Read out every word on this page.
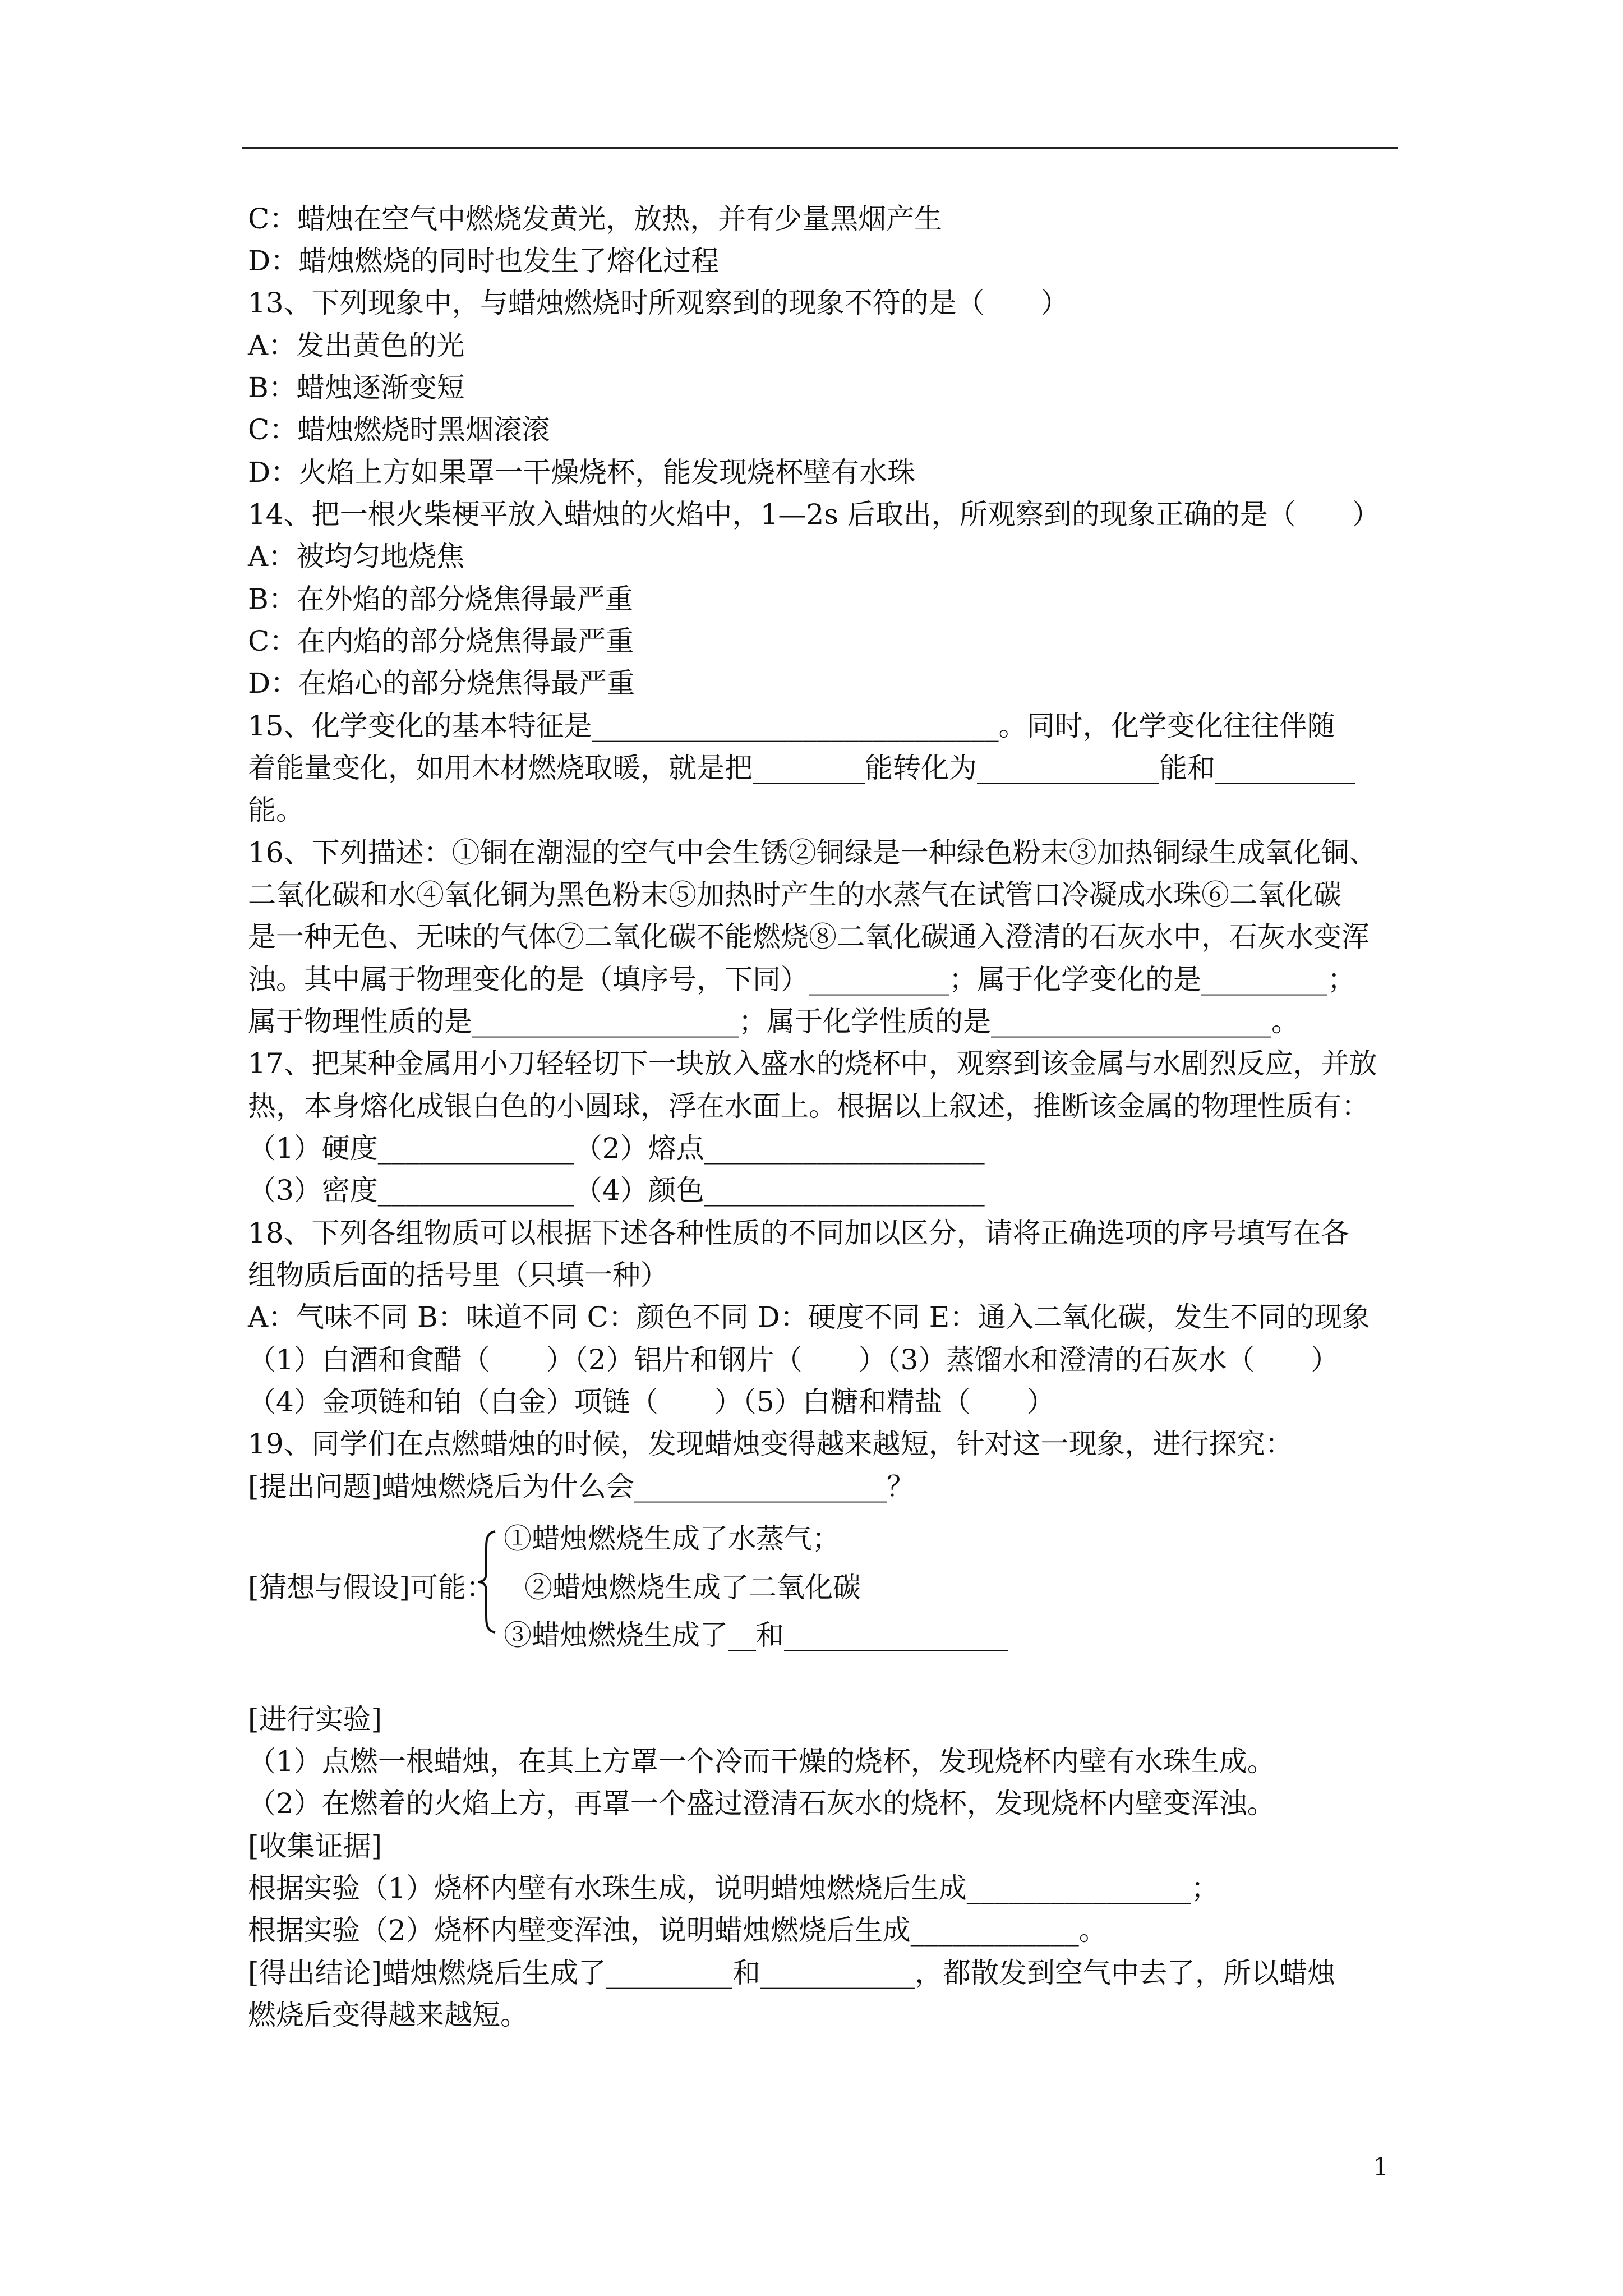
C：蜡烛在空气中燃烧发黄光，放热，并有少量黑烟产生
D：蜡烛燃烧的同时也发生了熔化过程
13、下列现象中，与蜡烛燃烧时所观察到的现象不符的是（　　）
A：发出黄色的光
B：蜡烛逐渐变短
C：蜡烛燃烧时黑烟滚滚
D：火焰上方如果罩一干燥烧杯，能发现烧杯壁有水珠
14、把一根火柴梗平放入蜡烛的火焰中，1—2s 后取出，所观察到的现象正确的是（　　）
A：被均匀地烧焦
B：在外焰的部分烧焦得最严重
C：在内焰的部分烧焦得最严重
D：在焰心的部分烧焦得最严重
15、化学变化的基本特征是_____________________________。同时，化学变化往往伴随
着能量变化，如用木材燃烧取暖，就是把________能转化为_____________能和__________
能。
16、下列描述：①铜在潮湿的空气中会生锈②铜绿是一种绿色粉末③加热铜绿生成氧化铜、
二氧化碳和水④氧化铜为黑色粉末⑤加热时产生的水蒸气在试管口冷凝成水珠⑥二氧化碳
是一种无色、无味的气体⑦二氧化碳不能燃烧⑧二氧化碳通入澄清的石灰水中，石灰水变浑
浊。其中属于物理变化的是（填序号，下同）__________；属于化学变化的是_________；
属于物理性质的是___________________；属于化学性质的是____________________。
17、把某种金属用小刀轻轻切下一块放入盛水的烧杯中，观察到该金属与水剧烈反应，并放
热，本身熔化成银白色的小圆球，浮在水面上。根据以上叙述，推断该金属的物理性质有：
（1）硬度______________（2）熔点____________________
（3）密度______________（4）颜色____________________
18、下列各组物质可以根据下述各种性质的不同加以区分，请将正确选项的序号填写在各
组物质后面的括号里（只填一种）
A：气味不同 B：味道不同 C：颜色不同 D：硬度不同 E：通入二氧化碳，发生不同的现象
（1）白酒和食醋（　　）（2）铝片和钢片（　　）（3）蒸馏水和澄清的石灰水（　　）
（4）金项链和铂（白金）项链（　　）（5）白糖和精盐（　　）
19、同学们在点燃蜡烛的时候，发现蜡烛变得越来越短，针对这一现象，进行探究：
[提出问题]蜡烛燃烧后为什么会__________________？
[猜想与假设]可能：
①蜡烛燃烧生成了水蒸气；
②蜡烛燃烧生成了二氧化碳
③蜡烛燃烧生成了__和________________
[进行实验]
（1）点燃一根蜡烛，在其上方罩一个冷而干燥的烧杯，发现烧杯内壁有水珠生成。
（2）在燃着的火焰上方，再罩一个盛过澄清石灰水的烧杯，发现烧杯内壁变浑浊。
[收集证据]
根据实验（1）烧杯内壁有水珠生成，说明蜡烛燃烧后生成________________；
根据实验（2）烧杯内壁变浑浊，说明蜡烛燃烧后生成____________。
[得出结论]蜡烛燃烧后生成了_________和___________，都散发到空气中去了，所以蜡烛
燃烧后变得越来越短。
1
